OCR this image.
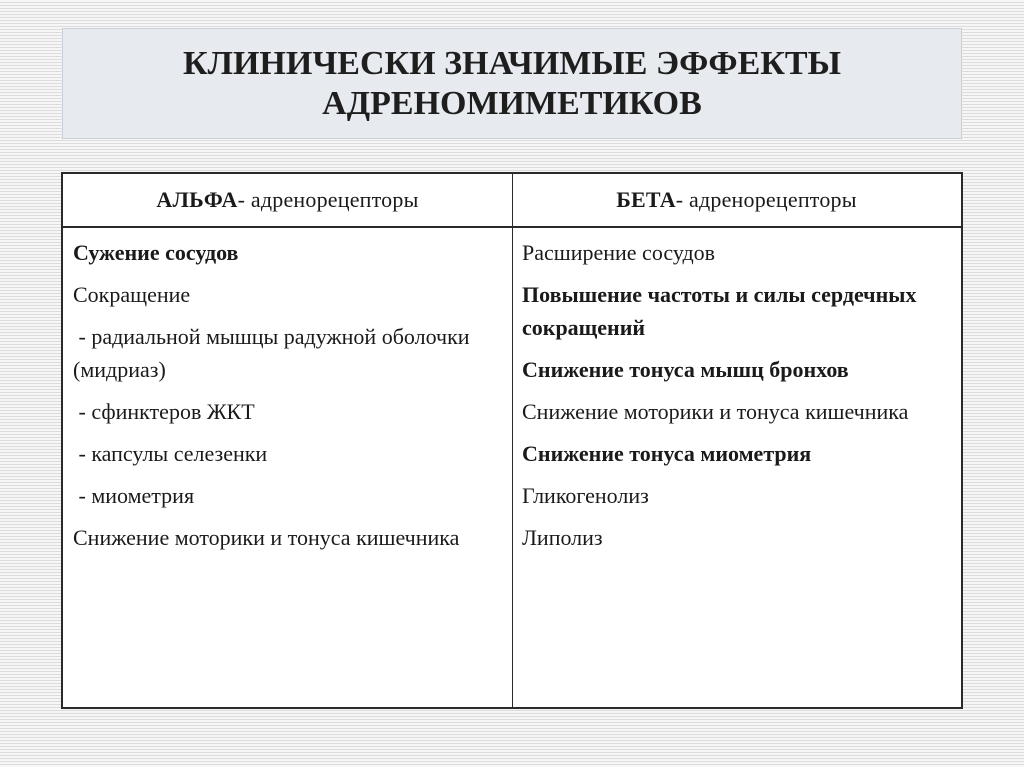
КЛИНИЧЕСКИ ЗНАЧИМЫЕ ЭФФЕКТЫ
АДРЕНОМИМЕТИКОВ
АЛЬФА - адренорецепторы	БЕТА - адренорецепторы
Сужение сосудов
Сокращение
- радиальной мышцы радужной оболочки (мидриаз)
- сфинктеров ЖКТ
- капсулы селезенки
- миометрия
Снижение моторики и тонуса кишечника
Расширение сосудов
Повышение частоты и силы сердечных сокращений
Снижение тонуса мышц бронхов
Снижение моторики и тонуса кишечника
Снижение тонуса миометрия
Гликогенолиз
Липолиз
